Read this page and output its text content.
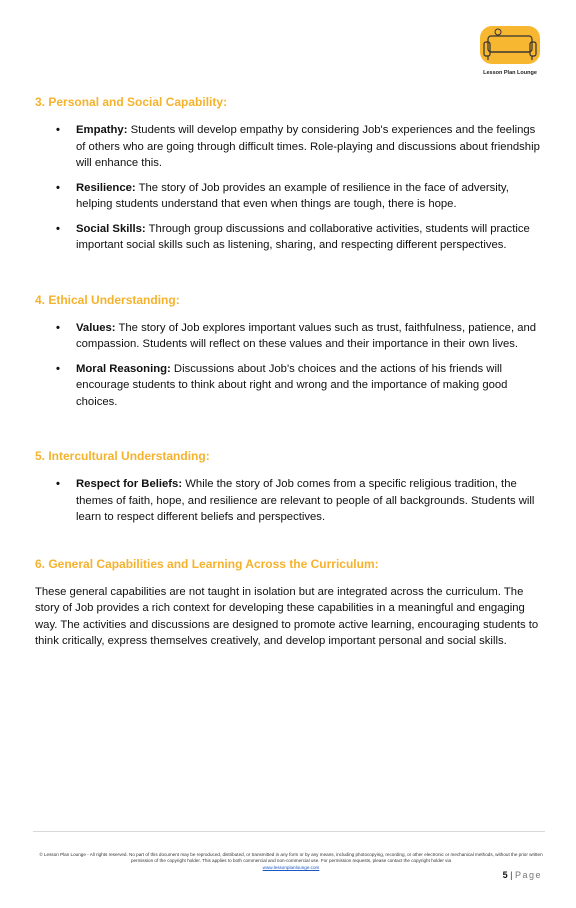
Lesson Plan Lounge
3. Personal and Social Capability:
• Empathy: Students will develop empathy by considering Job's experiences and the feelings of others who are going through difficult times. Role-playing and discussions about friendship will enhance this.
• Resilience: The story of Job provides an example of resilience in the face of adversity, helping students understand that even when things are tough, there is hope.
• Social Skills: Through group discussions and collaborative activities, students will practice important social skills such as listening, sharing, and respecting different perspectives.
4. Ethical Understanding:
• Values: The story of Job explores important values such as trust, faithfulness, patience, and compassion. Students will reflect on these values and their importance in their own lives.
• Moral Reasoning: Discussions about Job's choices and the actions of his friends will encourage students to think about right and wrong and the importance of making good choices.
5. Intercultural Understanding:
• Respect for Beliefs: While the story of Job comes from a specific religious tradition, the themes of faith, hope, and resilience are relevant to people of all backgrounds. Students will learn to respect different beliefs and perspectives.
6. General Capabilities and Learning Across the Curriculum:

These general capabilities are not taught in isolation but are integrated across the curriculum. The story of Job provides a rich context for developing these capabilities in a meaningful and engaging way. The activities and discussions are designed to promote active learning, encouraging students to think critically, express themselves creatively, and develop important personal and social skills.

© Lesson Plan Lounge - All rights reserved. No part of this document may be reproduced, distributed, or transmitted in any form or by any means, including photocopying, recording, or other electronic or mechanical methods, without the prior written permission of the copyright holder. This applies to both commercial and non-commercial use. For permission requests, please contact the copyright holder via
www.lessonplanlounge.com
5 | Page
